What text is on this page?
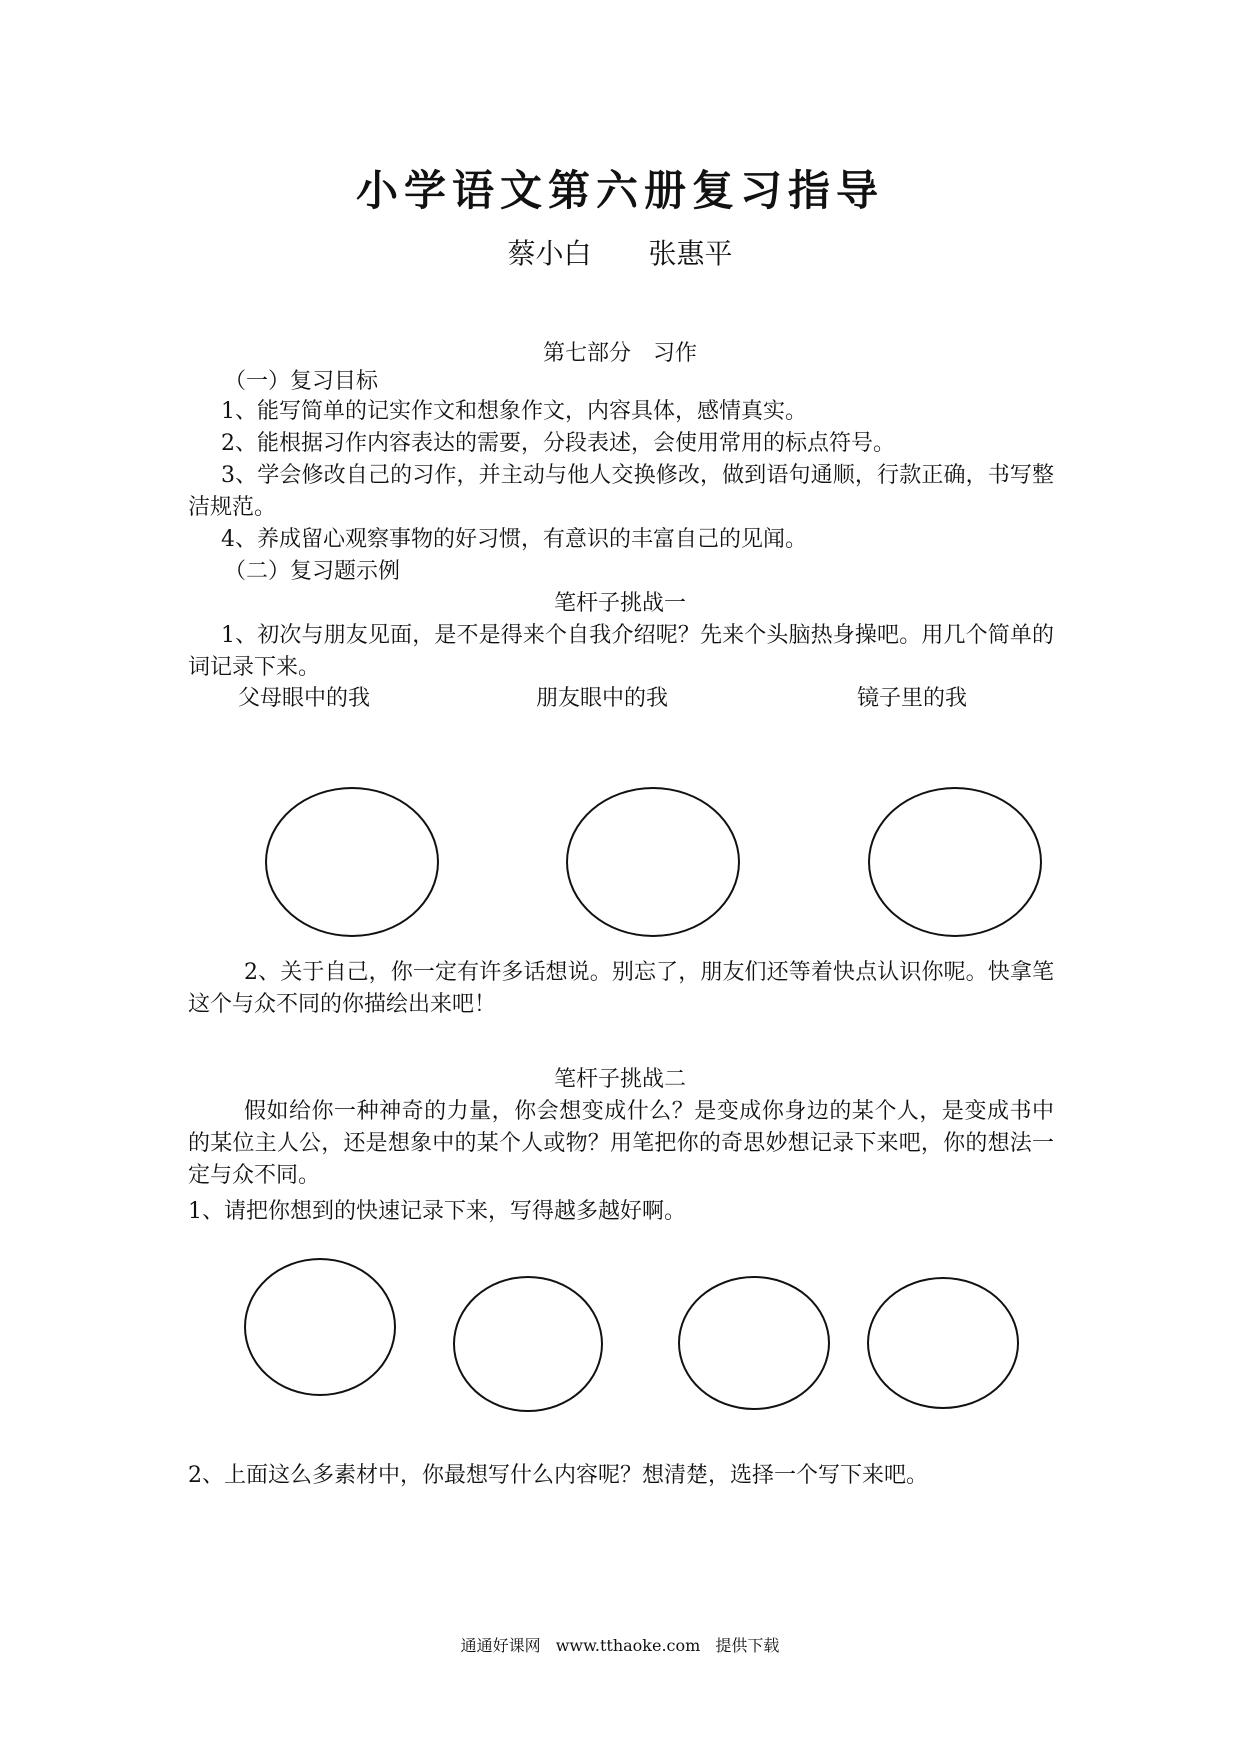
小学语文第六册复习指导
蔡小白 张惠平
第七部分　习作
（一）复习目标
1、能写简单的记实作文和想象作文，内容具体，感情真实。
2、能根据习作内容表达的需要，分段表述，会使用常用的标点符号。
3、学会修改自己的习作，并主动与他人交换修改，做到语句通顺，行款正确，书写整洁规范。
4、养成留心观察事物的好习惯，有意识的丰富自己的见闻。
（二）复习题示例
笔杆子挑战一
1、初次与朋友见面，是不是得来个自我介绍呢？先来个头脑热身操吧。用几个简单的词记录下来。
父母眼中的我	朋友眼中的我	镜子里的我
2、关于自己，你一定有许多话想说。别忘了，朋友们还等着快点认识你呢。快拿笔这个与众不同的你描绘出来吧！
笔杆子挑战二
假如给你一种神奇的力量，你会想变成什么？是变成你身边的某个人，是变成书中的某位主人公，还是想象中的某个人或物？用笔把你的奇思妙想记录下来吧，你的想法一定与众不同。
1、请把你想到的快速记录下来，写得越多越好啊。
2、上面这么多素材中，你最想写什么内容呢？想清楚，选择一个写下来吧。
通通好课网 www.tthaoke.com 提供下载
